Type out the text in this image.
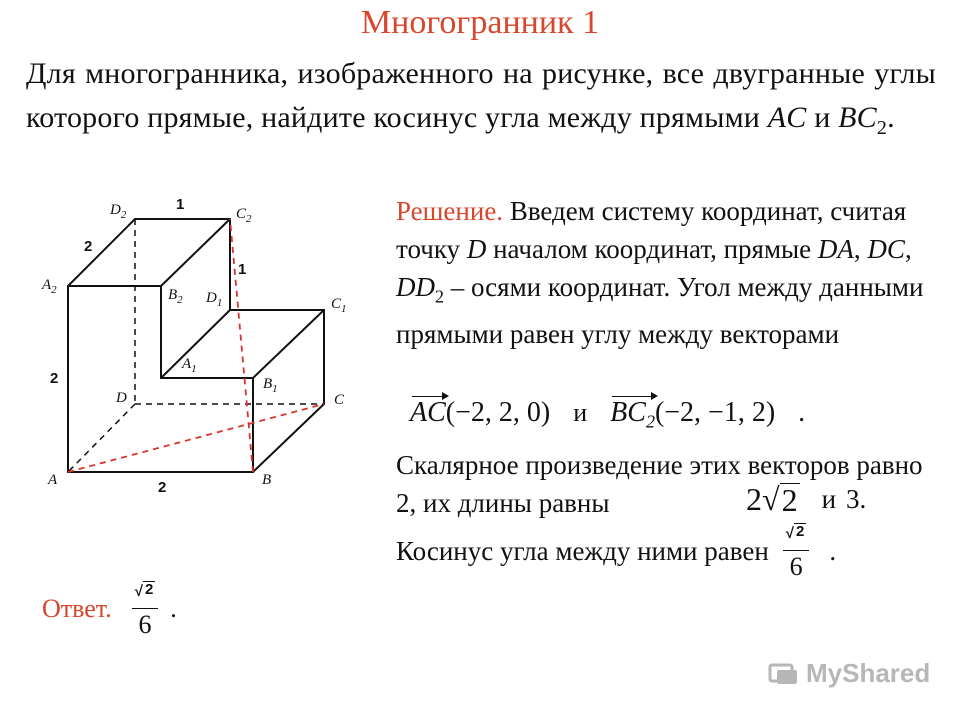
Многогранник 1
Для многогранника, изображенного на рисунке, все двугранные углы которого прямые, найдите косинус угла между прямыми AC и $BC_2$.
$D_2$	$C_2$
$A_2$	$B_2$ $D_1$	$C_1$
$A_1$
$B_1$
D	C
A	B
1
2
1
2
2
Решение. Введем систему координат, считая точку D началом координат, прямые DA, DC, $DD_2$ – осями координат. Угол между данными прямыми равен углу между векторами
AC(−2, 2, 0) и $BC_2(-2$, −1, 2) .
Скалярное произведение этих векторов равно 2, их длины равны	2 √ 2 и 3.
Косинус угла между ними равен $\frac{√ 2}{6}$ .
Ответ. $\frac{√ 2}{6}$ .
MyShared
